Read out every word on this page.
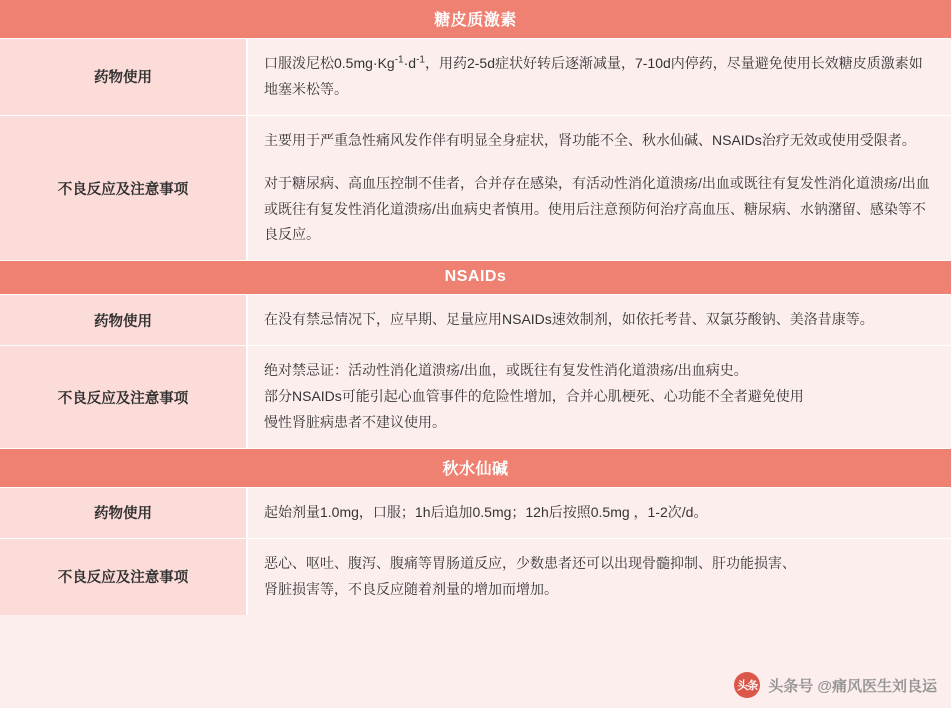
糖皮质激素
药物使用

口服泼尼松$0.5mg\cdot Kg^{-1}\cdot d^{-1}$，用药2-5d症状好转后逐渐减量，7-10d内停药，尽量避免使用长效糖皮质激素如地塞米松等。

不良反应及注意事项

主要用于严重急性痛风发作伴有明显全身症状，肾功能不全、秋水仙碱、NSAIDs治疗无效或使用受限者。

对于糖尿病、高血压控制不佳者，合并存在感染，有活动性消化道溃疡/出血或既往有复发性消化道溃疡/出血或既往有复发性消化道溃疡/出血病史者慎用。使用后注意预防何治疗高血压、糖尿病、水钠潴留、感染等不良反应。

NSAIDs
药物使用	在没有禁忌情况下，应早期、足量应用NSAIDs速效制剂，如依托考昔、双氯芬酸钠、美洛昔康等。

不良反应及注意事项

绝对禁忌证：活动性消化道溃疡/出血，或既往有复发性消化道溃疡/出血病史。

部分NSAIDs可能引起心血管事件的危险性增加，合并心肌梗死、心功能不全者避免使用

慢性肾脏病患者不建议使用。

秋水仙碱
药物使用	起始剂量1.0mg，口服；1h后追加0.5mg；12h后按照0.5mg ，1-2次/d。

不良反应及注意事项

恶心、呕吐、腹泻、腹痛等胃肠道反应，少数患者还可以出现骨髓抑制、肝功能损害、

肾脏损害等，不良反应随着剂量的增加而增加。

头条 头条号 @痛风医生刘良运
